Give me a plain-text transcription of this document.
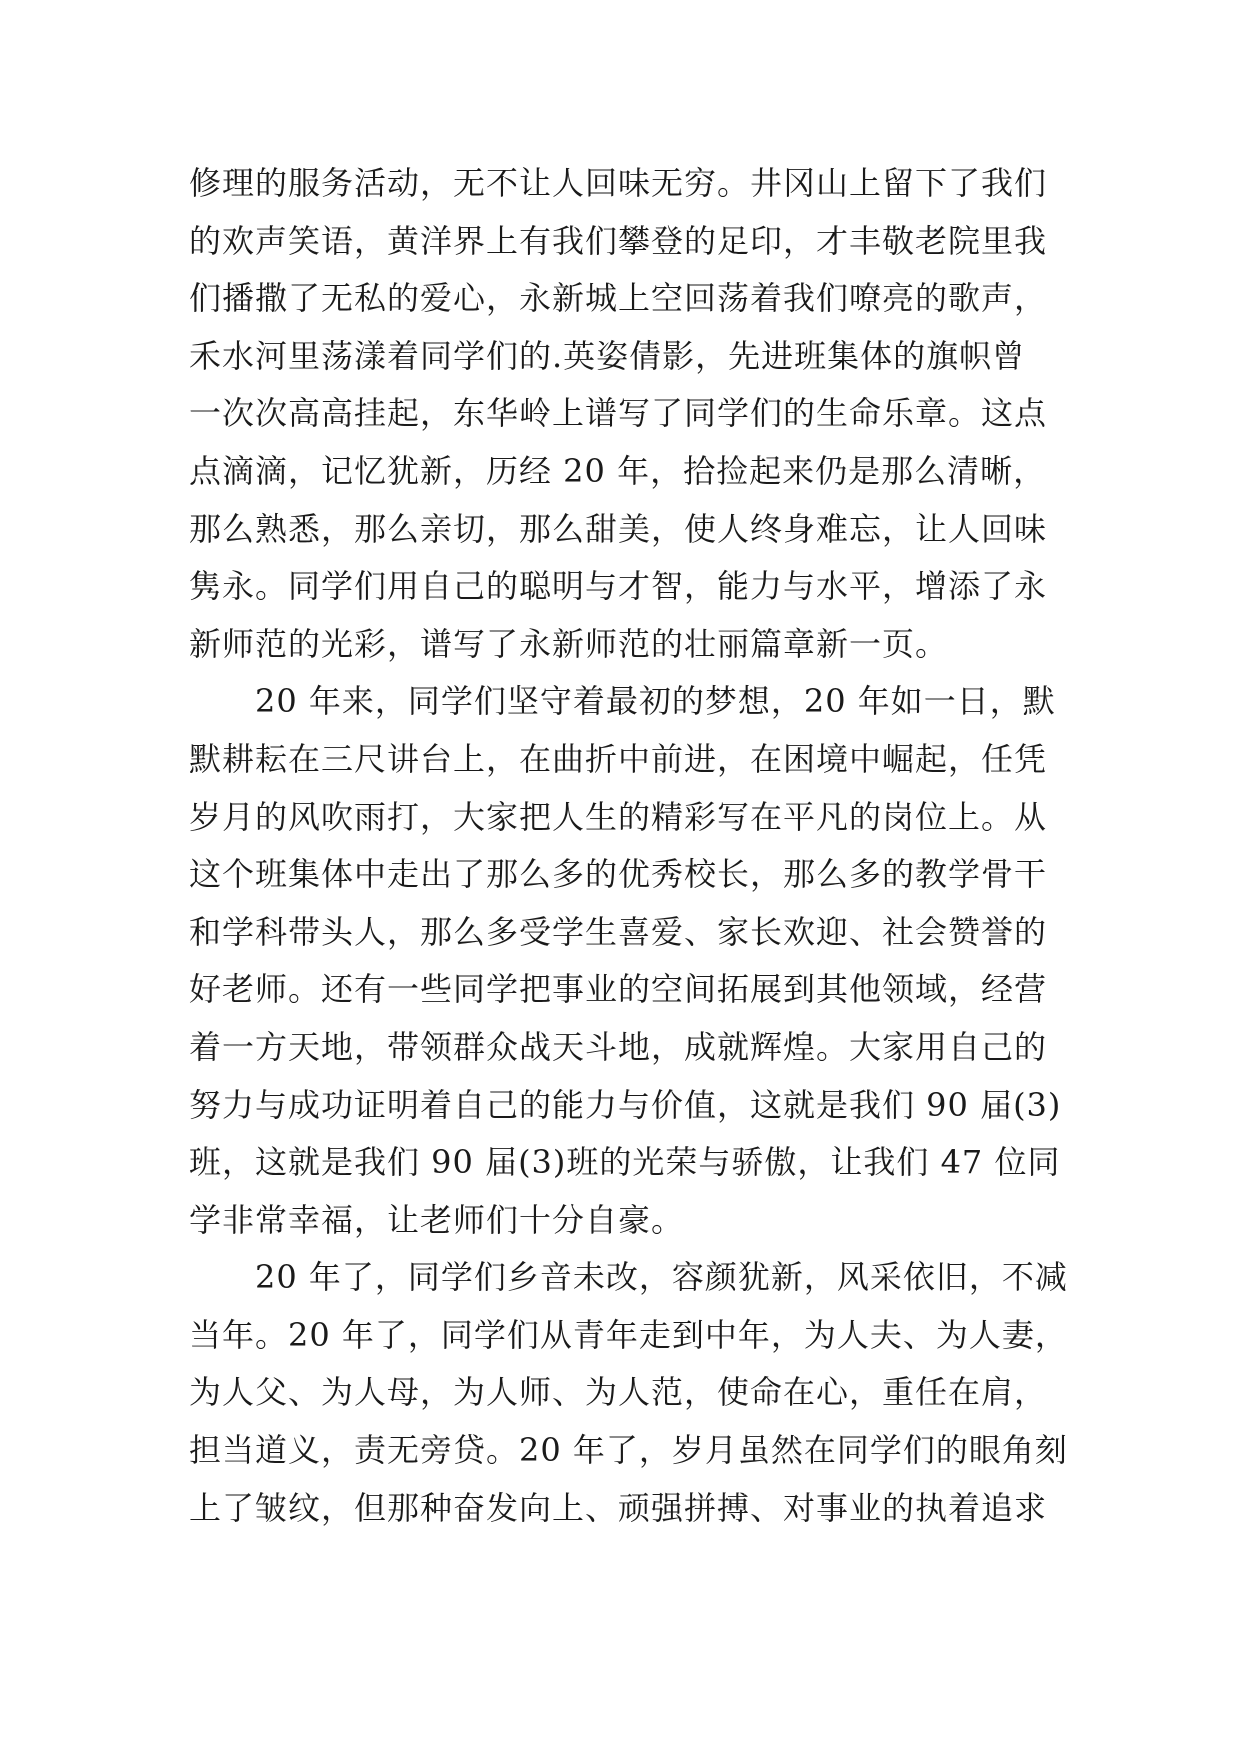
修理的服务活动，无不让人回味无穷。井冈山上留下了我们
的欢声笑语，黄洋界上有我们攀登的足印，才丰敬老院里我
们播撒了无私的爱心，永新城上空回荡着我们嘹亮的歌声，
禾水河里荡漾着同学们的.英姿倩影，先进班集体的旗帜曾
一次次高高挂起，东华岭上谱写了同学们的生命乐章。这点
点滴滴，记忆犹新，历经 20 年，拾捡起来仍是那么清晰，
那么熟悉，那么亲切，那么甜美，使人终身难忘，让人回味
隽永。同学们用自己的聪明与才智，能力与水平，增添了永
新师范的光彩，谱写了永新师范的壮丽篇章新一页。
20 年来，同学们坚守着最初的梦想，20 年如一日，默
默耕耘在三尺讲台上，在曲折中前进，在困境中崛起，任凭
岁月的风吹雨打，大家把人生的精彩写在平凡的岗位上。从
这个班集体中走出了那么多的优秀校长，那么多的教学骨干
和学科带头人，那么多受学生喜爱、家长欢迎、社会赞誉的
好老师。还有一些同学把事业的空间拓展到其他领域，经营
着一方天地，带领群众战天斗地，成就辉煌。大家用自己的
努力与成功证明着自己的能力与价值，这就是我们 90 届(3)
班，这就是我们 90 届(3)班的光荣与骄傲，让我们 47 位同
学非常幸福，让老师们十分自豪。
20 年了，同学们乡音未改，容颜犹新，风采依旧，不减
当年。20 年了，同学们从青年走到中年，为人夫、为人妻，
为人父、为人母，为人师、为人范，使命在心，重任在肩，
担当道义，责无旁贷。20 年了，岁月虽然在同学们的眼角刻
上了皱纹，但那种奋发向上、顽强拼搏、对事业的执着追求
